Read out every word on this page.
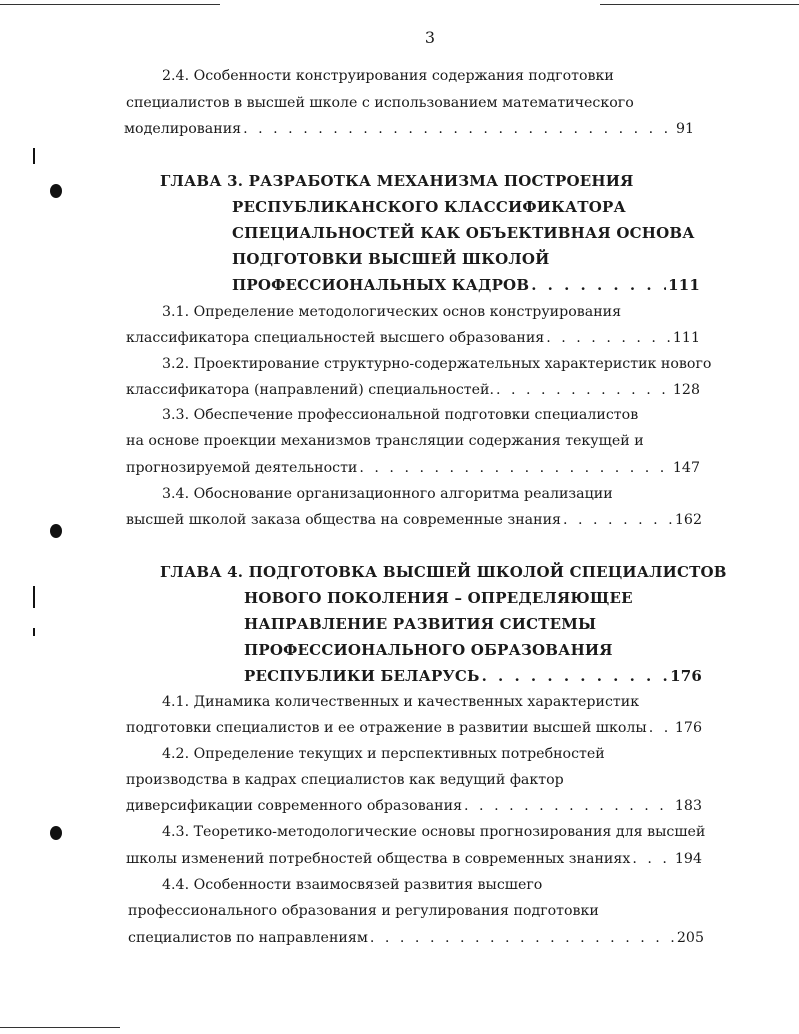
3
2.4. Особенности конструирования содержания подготовки
специалистов в высшей школе с использованием математического
моделирования . . .	91
ГЛАВА 3. РАЗРАБОТКА МЕХАНИЗМА ПОСТРОЕНИЯ
РЕСПУБЛИКАНСКОГО КЛАССИФИКАТОРА
СПЕЦИАЛЬНОСТЕЙ КАК ОБЪЕКТИВНАЯ ОСНОВА
ПОДГОТОВКИ ВЫСШЕЙ ШКОЛОЙ
ПРОФЕССИОНАЛЬНЫХ КАДРОВ . . .	111
3.1. Определение методологических основ конструирования
классификатора специальностей высшего образования . . .	111
3.2. Проектирование структурно-содержательных характеристик нового
классификатора (направлений) специальностей. . . .	128
3.3. Обеспечение профессиональной подготовки специалистов
на основе проекции механизмов трансляции содержания текущей и
прогнозируемой деятельности . . .	147
3.4. Обоснование организационного алгоритма реализации
высшей школой заказа общества на современные знания . . .	162
ГЛАВА 4. ПОДГОТОВКА ВЫСШЕЙ ШКОЛОЙ СПЕЦИАЛИСТОВ
НОВОГО ПОКОЛЕНИЯ – ОПРЕДЕЛЯЮЩЕЕ
НАПРАВЛЕНИЕ РАЗВИТИЯ СИСТЕМЫ
ПРОФЕССИОНАЛЬНОГО ОБРАЗОВАНИЯ
РЕСПУБЛИКИ БЕЛАРУСЬ . . .	176
4.1. Динамика количественных и качественных характеристик
подготовки специалистов и ее отражение в развитии высшей школы . . . 176
4.2. Определение текущих и перспективных потребностей
производства в кадрах специалистов как ведущий фактор
диверсификации современного образования . . .	183
4.3. Теоретико-методологические основы прогнозирования для высшей
школы изменений потребностей общества в современных знаниях . . .	194
4.4. Особенности взаимосвязей развития высшего
профессионального образования и регулирования подготовки
специалистов по направлениям . . .	205
